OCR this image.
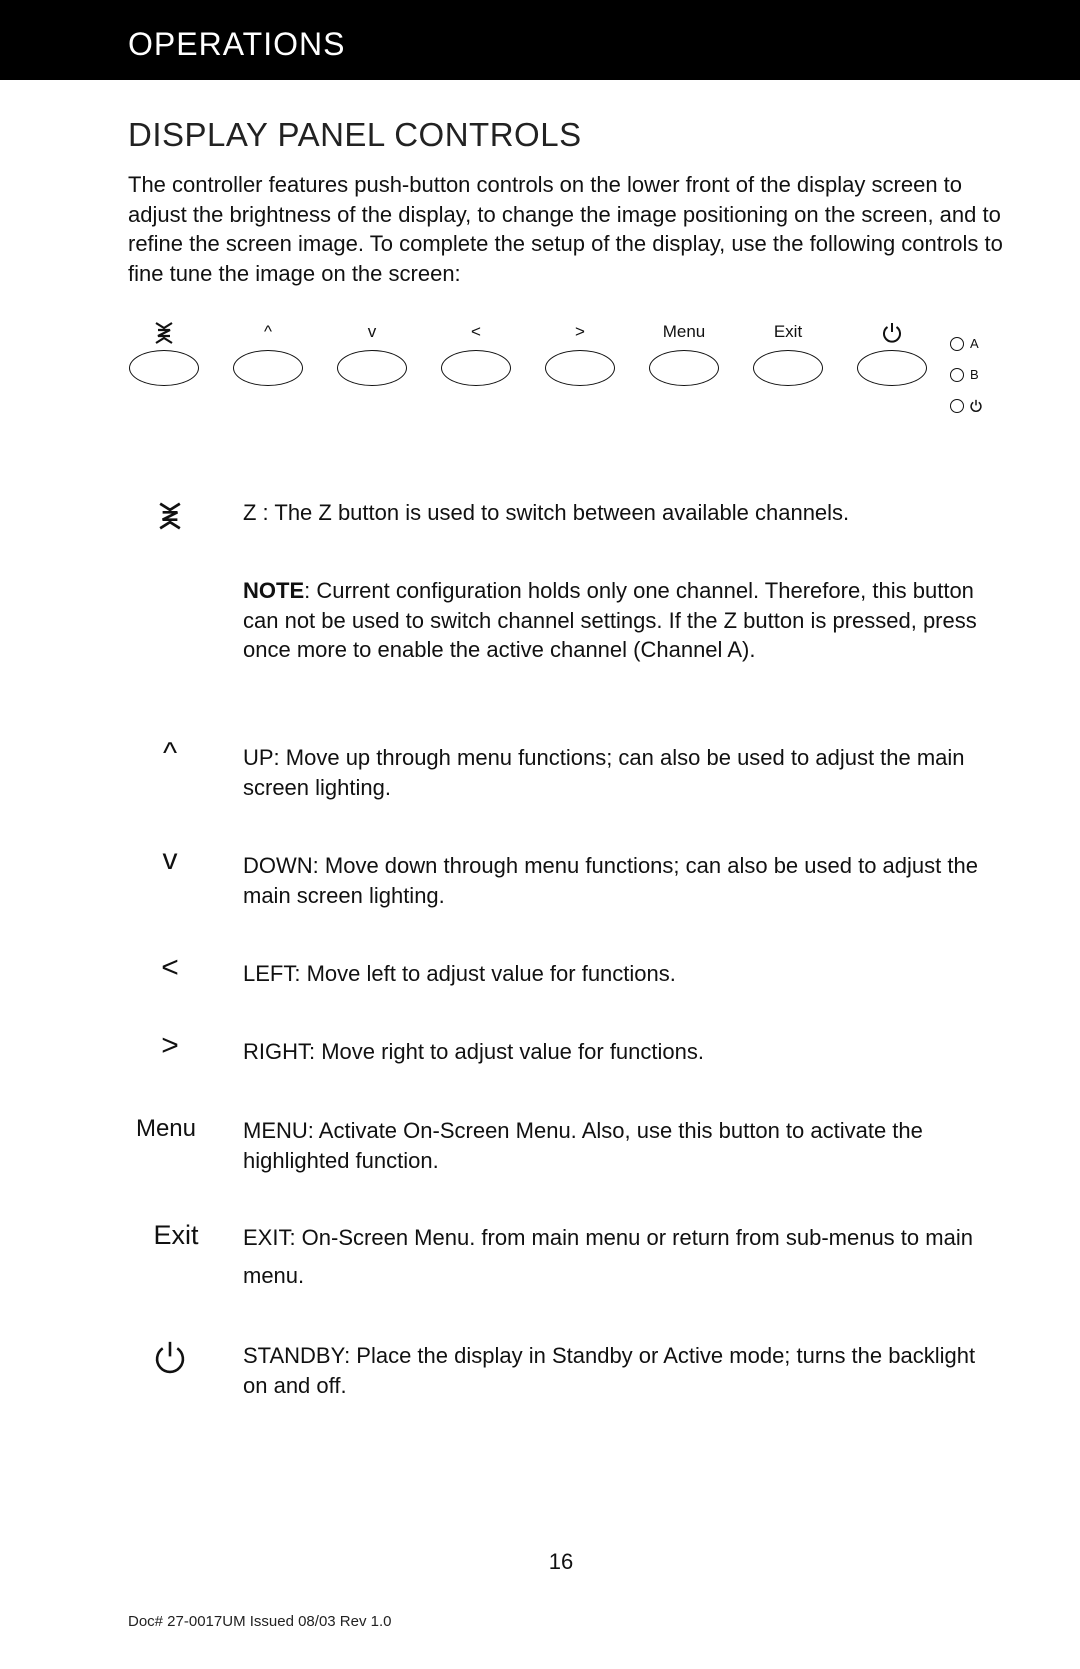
OPERATIONS
DISPLAY PANEL CONTROLS

The controller features push-button controls on the lower front of the display screen to adjust the brightness of the display, to change the image positioning on the screen, and to refine the screen image. To complete the setup of the display, use the following controls to fine tune the image on the screen:

^	v	<	>	Menu	Exit
A
B

Z : The Z button is used to switch between available channels.

NOTE: Current configuration holds only one channel. Therefore, this button can not be used to switch channel settings. If the Z button is pressed, press once more to enable the active channel (Channel A).

^	UP: Move up through menu functions; can also be used to adjust the main screen lighting.

v	DOWN: Move down through menu functions; can also be used to adjust the main screen lighting.

<	LEFT: Move left to adjust value for functions.

>	RIGHT: Move right to adjust value for functions.

Menu	MENU: Activate On-Screen Menu. Also, use this button to activate the highlighted function.

Exit	EXIT: On-Screen Menu. from main menu or return from sub-menus to main menu.

STANDBY: Place the display in Standby or Active mode; turns the backlight on and off.

16
Doc# 27-0017UM Issued 08/03 Rev 1.0
